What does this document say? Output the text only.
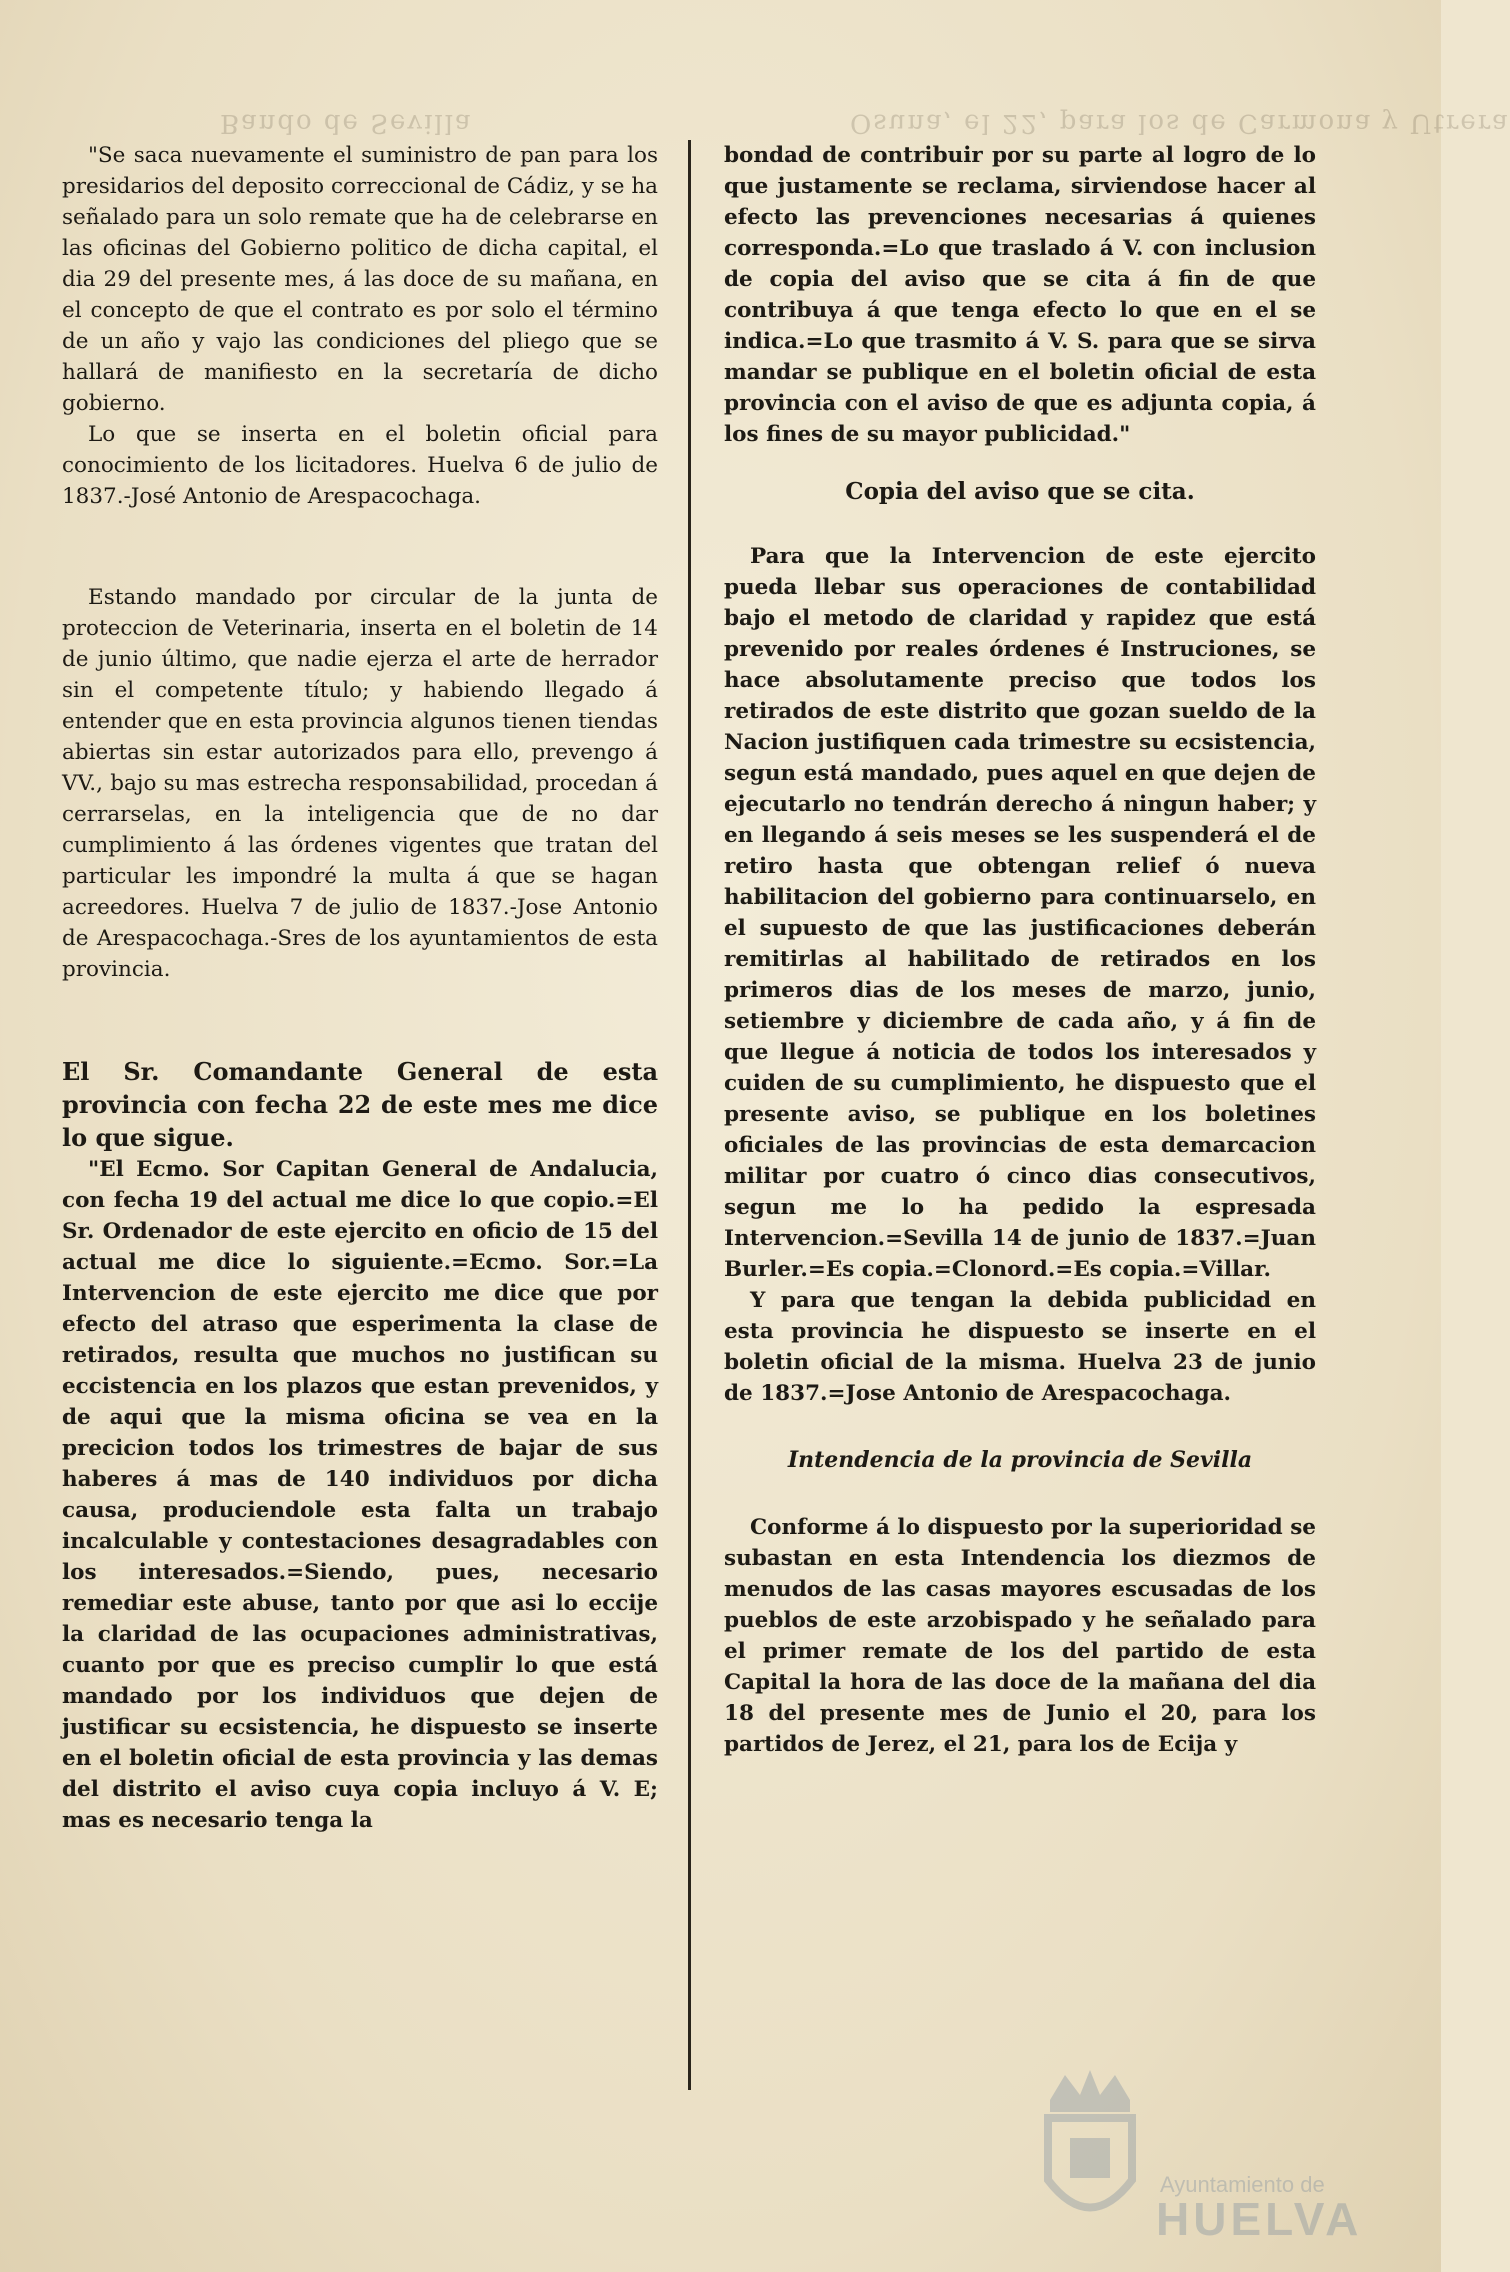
Bando de Sevilla	Osuna, el 22, para los de Carmona y Utrera

"Se saca nuevamente el suministro de pan para los presidarios del deposito correccional de Cádiz, y se ha señalado para un solo remate que ha de celebrarse en las oficinas del Gobierno politico de dicha capital, el dia 29 del presente mes, á las doce de su mañana, en el concepto de que el contrato es por solo el término de un año y vajo las condiciones del pliego que se hallará de manifiesto en la secretaría de dicho gobierno.

Lo que se inserta en el boletin oficial para conocimiento de los licitadores. Huelva 6 de julio de 1837.-José Antonio de Arespacochaga.

Estando mandado por circular de la junta de proteccion de Veterinaria, inserta en el boletin de 14 de junio último, que nadie ejerza el arte de herrador sin el competente título; y habiendo llegado á entender que en esta provincia algunos tienen tiendas abiertas sin estar autorizados para ello, prevengo á VV., bajo su mas estrecha responsabilidad, procedan á cerrarselas, en la inteligencia que de no dar cumplimiento á las órdenes vigentes que tratan del particular les impondré la multa á que se hagan acreedores. Huelva 7 de julio de 1837.-Jose Antonio de Arespacochaga.-Sres de los ayuntamientos de esta provincia.

El Sr. Comandante General de esta provincia con fecha 22 de este mes me dice lo que sigue.

"El Ecmo. Sor Capitan General de Andalucia, con fecha 19 del actual me dice lo que copio.=El Sr. Ordenador de este ejercito en oficio de 15 del actual me dice lo siguiente.=Ecmo. Sor.=La Intervencion de este ejercito me dice que por efecto del atraso que esperimenta la clase de retirados, resulta que muchos no justifican su eccistencia en los plazos que estan prevenidos, y de aqui que la misma oficina se vea en la precicion todos los trimestres de bajar de sus haberes á mas de 140 individuos por dicha causa, produciendole esta falta un trabajo incalculable y contestaciones desagradables con los interesados.=Siendo, pues, necesario remediar este abuse, tanto por que asi lo eccije la claridad de las ocupaciones administrativas, cuanto por que es preciso cumplir lo que está mandado por los individuos que dejen de justificar su ecsistencia, he dispuesto se inserte en el boletin oficial de esta provincia y las demas del distrito el aviso cuya copia incluyo á V. E; mas es necesario tenga la

bondad de contribuir por su parte al logro de lo que justamente se reclama, sirviendose hacer al efecto las prevenciones necesarias á quienes corresponda.=Lo que traslado á V. con inclusion de copia del aviso que se cita á fin de que contribuya á que tenga efecto lo que en el se indica.=Lo que trasmito á V. S. para que se sirva mandar se publique en el boletin oficial de esta provincia con el aviso de que es adjunta copia, á los fines de su mayor publicidad."

Copia del aviso que se cita.

Para que la Intervencion de este ejercito pueda llebar sus operaciones de contabilidad bajo el metodo de claridad y rapidez que está prevenido por reales órdenes é Instruciones, se hace absolutamente preciso que todos los retirados de este distrito que gozan sueldo de la Nacion justifiquen cada trimestre su ecsistencia, segun está mandado, pues aquel en que dejen de ejecutarlo no tendrán derecho á ningun haber; y en llegando á seis meses se les suspenderá el de retiro hasta que obtengan relief ó nueva habilitacion del gobierno para continuarselo, en el supuesto de que las justificaciones deberán remitirlas al habilitado de retirados en los primeros dias de los meses de marzo, junio, setiembre y diciembre de cada año, y á fin de que llegue á noticia de todos los interesados y cuiden de su cumplimiento, he dispuesto que el presente aviso, se publique en los boletines oficiales de las provincias de esta demarcacion militar por cuatro ó cinco dias consecutivos, segun me lo ha pedido la espresada Intervencion.=Sevilla 14 de junio de 1837.=Juan Burler.=Es copia.=Clonord.=Es copia.=Villar.

Y para que tengan la debida publicidad en esta provincia he dispuesto se inserte en el boletin oficial de la misma. Huelva 23 de junio de 1837.=Jose Antonio de Arespacochaga.

Intendencia de la provincia de Sevilla

Conforme á lo dispuesto por la superioridad se subastan en esta Intendencia los diezmos de menudos de las casas mayores escusadas de los pueblos de este arzobispado y he señalado para el primer remate de los del partido de esta Capital la hora de las doce de la mañana del dia 18 del presente mes de Junio el 20, para los partidos de Jerez, el 21, para los de Ecija y

Ayuntamiento de
HUELVA
